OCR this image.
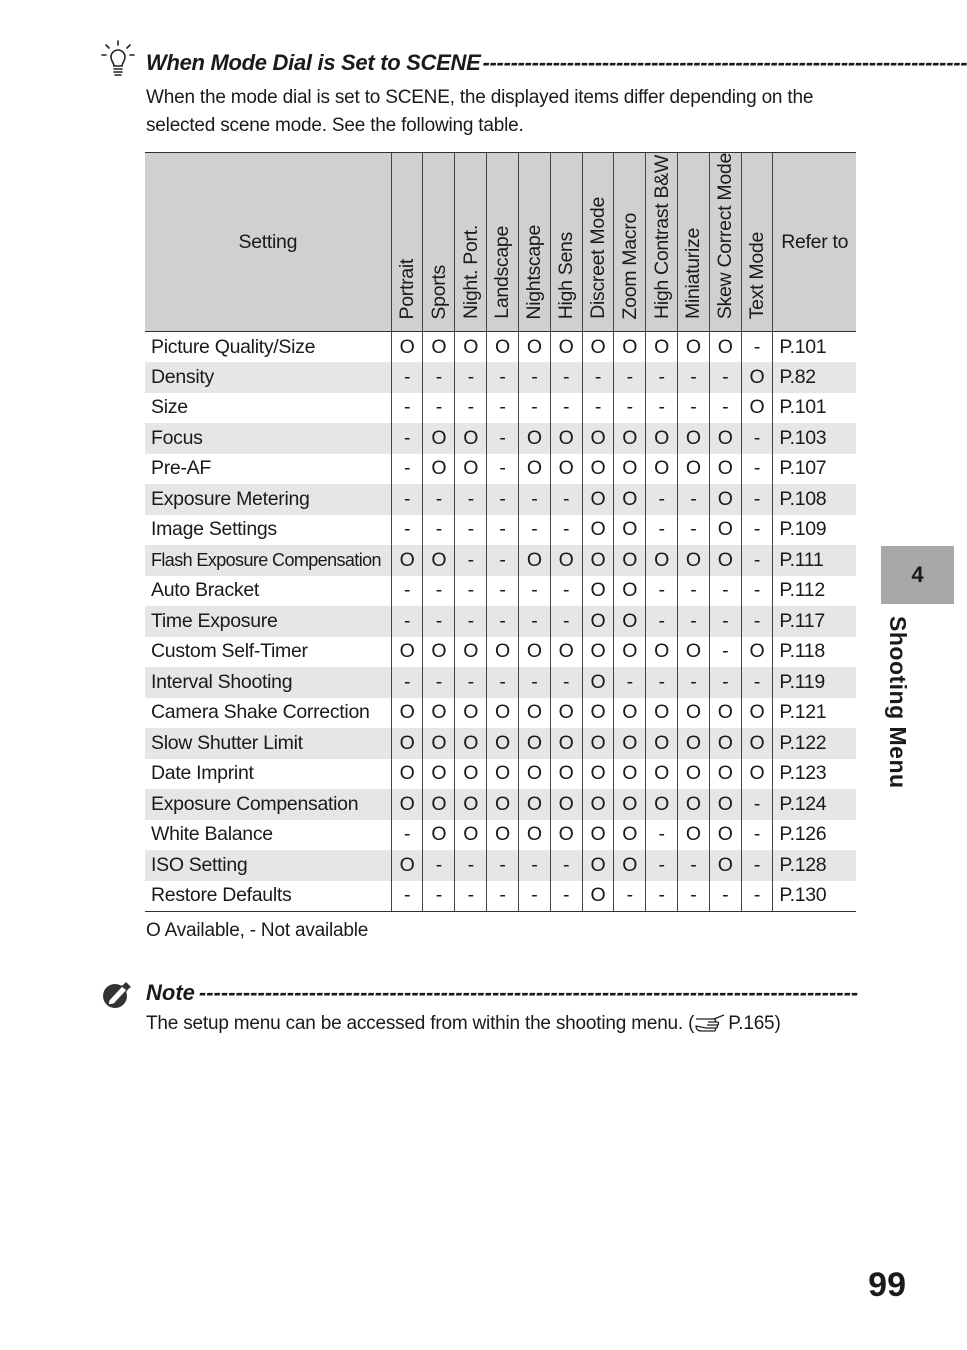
When Mode Dial is Set to SCENE ---------------------------------------------------------------------
When the mode dial is set to SCENE, the displayed items differ depending on the selected scene mode. See the following table.
Setting	Portrait	Sports	Night. Port.	Landscape	Nightscape	High Sens	Discreet Mode	Zoom Macro	High Contrast B&W	Miniaturize	Skew Correct Mode	Text Mode	Refer to
Picture Quality/Size	O	O	O	O	O	O	O	O	O	O	O	-	P.101
Density	-	-	-	-	-	-	-	-	-	-	-	O	P.82
Size	-	-	-	-	-	-	-	-	-	-	-	O	P.101
Focus	-	O	O	-	O	O	O	O	O	O	O	-	P.103
Pre-AF	-	O	O	-	O	O	O	O	O	O	O	-	P.107
Exposure Metering	-	-	-	-	-	-	O	O	-	-	O	-	P.108
Image Settings	-	-	-	-	-	-	O	O	-	-	O	-	P.109
Flash Exposure Compensation	O	O	-	-	O	O	O	O	O	O	O	-	P.111
Auto Bracket	-	-	-	-	-	-	O	O	-	-	-	-	P.112
Time Exposure	-	-	-	-	-	-	O	O	-	-	-	-	P.117
Custom Self-Timer	O	O	O	O	O	O	O	O	O	O	-	O	P.118
Interval Shooting	-	-	-	-	-	-	O	-	-	-	-	-	P.119
Camera Shake Correction	O	O	O	O	O	O	O	O	O	O	O	O	P.121
Slow Shutter Limit	O	O	O	O	O	O	O	O	O	O	O	O	P.122
Date Imprint	O	O	O	O	O	O	O	O	O	O	O	O	P.123
Exposure Compensation	O	O	O	O	O	O	O	O	O	O	O	-	P.124
White Balance	-	O	O	O	O	O	O	O	-	O	O	-	P.126
ISO Setting	O	-	-	-	-	-	O	O	-	-	O	-	P.128
Restore Defaults	-	-	-	-	-	-	O	-	-	-	-	-	P.130
O Available, - Not available
Note ------------------------------------------------------------------------------------------
The setup menu can be accessed from within the shooting menu. ( P.165)
4
Shooting Menu
99
